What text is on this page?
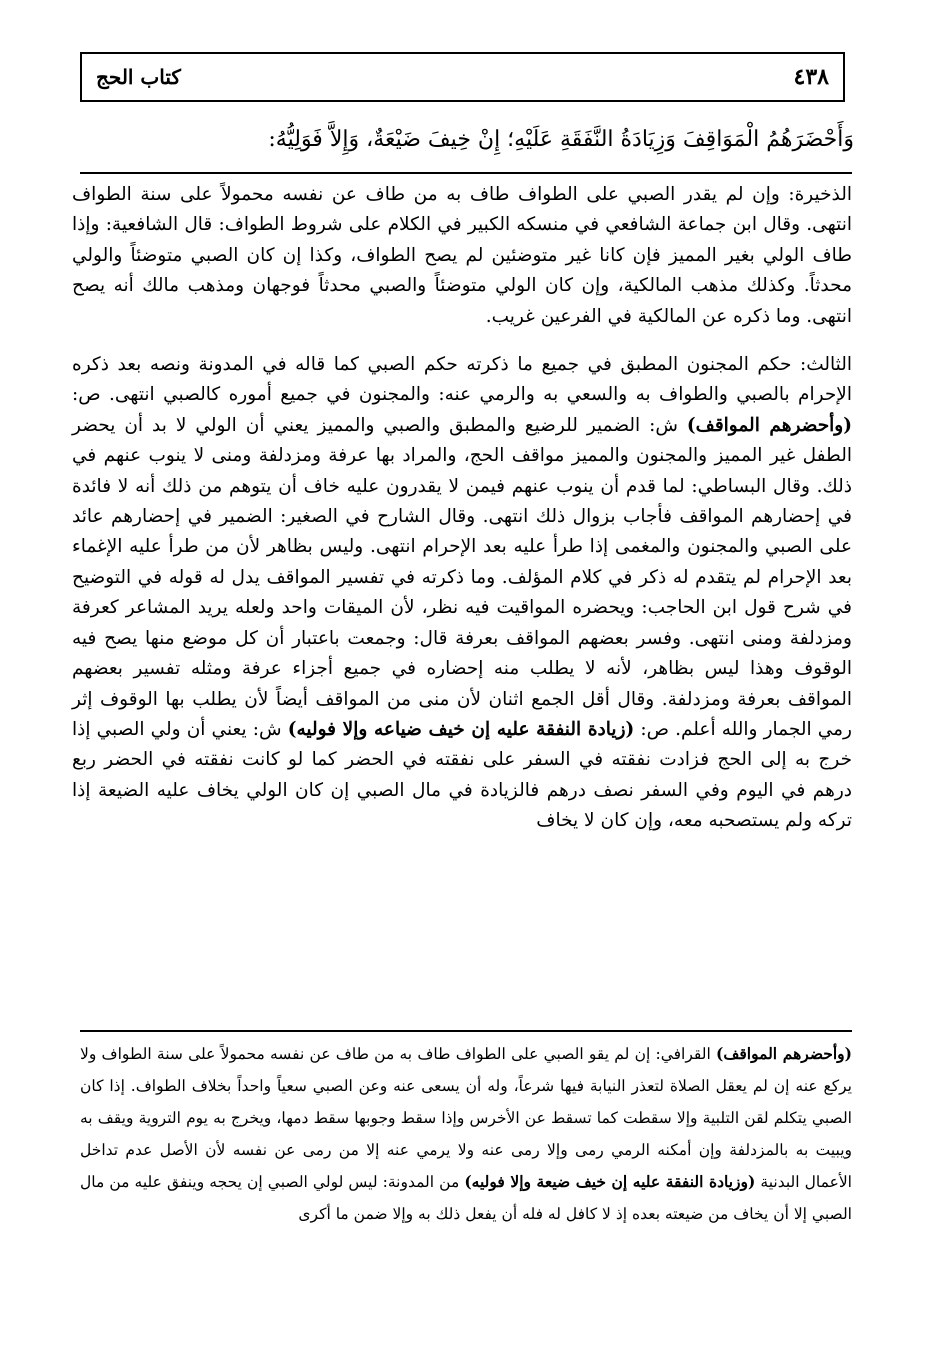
٤٣٨
كتاب الحج
وَأَحْضَرَهُمُ الْمَوَاقِفَ وَزِيَادَةُ النَّفَقَةِ عَلَيْهِ؛ إِنْ خِيفَ ضَيْعَةٌ، وَإِلاَّ فَوَلِيُّهُ:

الذخيرة: وإن لم يقدر الصبي على الطواف طاف به من طاف عن نفسه محمولاً على سنة الطواف انتهى. وقال ابن جماعة الشافعي في منسكه الكبير في الكلام على شروط الطواف: قال الشافعية: وإذا طاف الولي بغير المميز فإن كانا غير متوضئين لم يصح الطواف، وكذا إن كان الصبي متوضئاً والولي محدثاً. وكذلك مذهب المالكية، وإن كان الولي متوضئاً والصبي محدثاً فوجهان ومذهب مالك أنه يصح انتهى. وما ذكره عن المالكية في الفرعين غريب.

الثالث: حكم المجنون المطبق في جميع ما ذكرته حكم الصبي كما قاله في المدونة ونصه بعد ذكره الإحرام بالصبي والطواف به والسعي به والرمي عنه: والمجنون في جميع أموره كالصبي انتهى. ص: (وأحضرهم المواقف) ش: الضمير للرضيع والمطبق والصبي والمميز يعني أن الولي لا بد أن يحضر الطفل غير المميز والمجنون والمميز مواقف الحج، والمراد بها عرفة ومزدلفة ومنى لا ينوب عنهم في ذلك. وقال البساطي: لما قدم أن ينوب عنهم فيمن لا يقدرون عليه خاف أن يتوهم من ذلك أنه لا فائدة في إحضارهم المواقف فأجاب بزوال ذلك انتهى. وقال الشارح في الصغير: الضمير في إحضارهم عائد على الصبي والمجنون والمغمى إذا طرأ عليه بعد الإحرام انتهى. وليس بظاهر لأن من طرأ عليه الإغماء بعد الإحرام لم يتقدم له ذكر في كلام المؤلف. وما ذكرته في تفسير المواقف يدل له قوله في التوضيح في شرح قول ابن الحاجب: ويحضره المواقيت فيه نظر، لأن الميقات واحد ولعله يريد المشاعر كعرفة ومزدلفة ومنى انتهى. وفسر بعضهم المواقف بعرفة قال: وجمعت باعتبار أن كل موضع منها يصح فيه الوقوف وهذا ليس بظاهر، لأنه لا يطلب منه إحضاره في جميع أجزاء عرفة ومثله تفسير بعضهم المواقف بعرفة ومزدلفة. وقال أقل الجمع اثنان لأن منى من المواقف أيضاً لأن يطلب بها الوقوف إثر رمي الجمار والله أعلم. ص: (زيادة النفقة عليه إن خيف ضياعه وإلا فوليه) ش: يعني أن ولي الصبي إذا خرج به إلى الحج فزادت نفقته في السفر على نفقته في الحضر كما لو كانت نفقته في الحضر ربع درهم في اليوم وفي السفر نصف درهم فالزيادة في مال الصبي إن كان الولي يخاف عليه الضيعة إذا تركه ولم يستصحبه معه، وإن كان لا يخاف

(وأحضرهم المواقف) القرافي: إن لم يقو الصبي على الطواف طاف به من طاف عن نفسه محمولاً على سنة الطواف ولا يركع عنه إن لم يعقل الصلاة لتعذر النيابة فيها شرعاً، وله أن يسعى عنه وعن الصبي سعياً واحداً بخلاف الطواف. إذا كان الصبي يتكلم لقن التلبية وإلا سقطت كما تسقط عن الأخرس وإذا سقط وجوبها سقط دمها، ويخرج به يوم التروية ويقف به ويبيت به بالمزدلفة وإن أمكنه الرمي رمى وإلا رمى عنه ولا يرمي عنه إلا من رمى عن نفسه لأن الأصل عدم تداخل الأعمال البدنية (وزيادة النفقة عليه إن خيف ضيعة وإلا فوليه) من المدونة: ليس لولي الصبي إن يحجه وينفق عليه من مال الصبي إلا أن يخاف من ضيعته بعده إذ لا كافل له فله أن يفعل ذلك به وإلا ضمن ما أكرى
